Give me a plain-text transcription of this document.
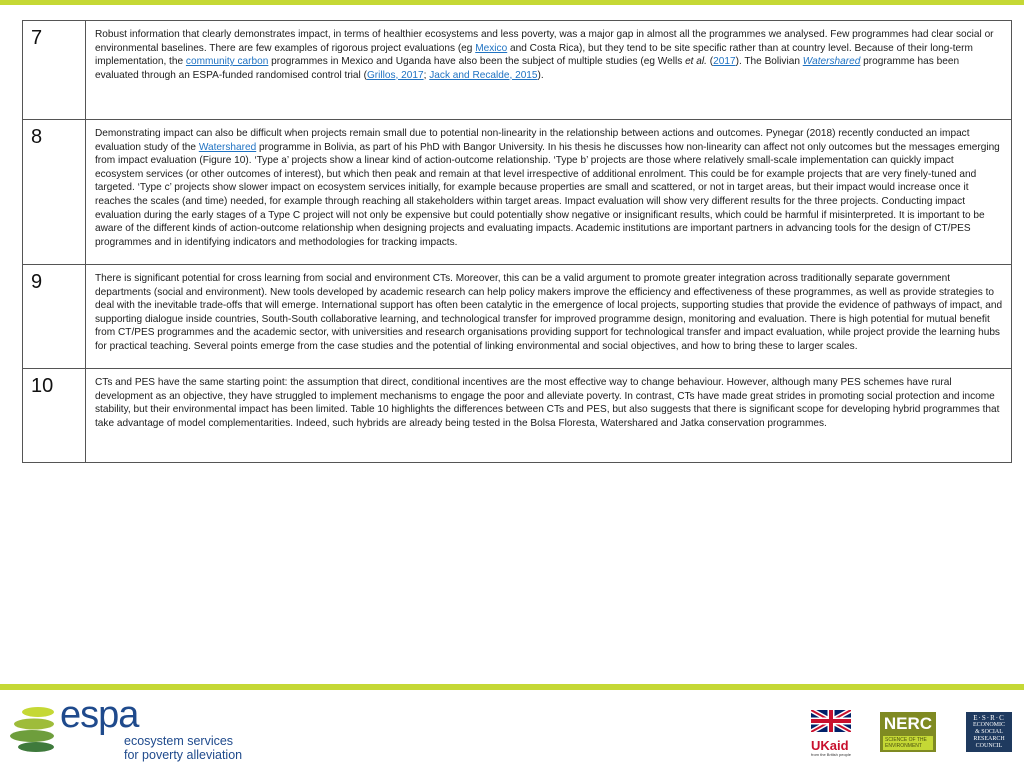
7	Robust information that clearly demonstrates impact, in terms of healthier ecosystems and less poverty, was a major gap in almost all the programmes we analysed. Few programmes had clear social or environmental baselines. There are few examples of rigorous project evaluations (eg Mexico and Costa Rica), but they tend to be site specific rather than at country level. Because of their long-term implementation, the community carbon programmes in Mexico and Uganda have also been the subject of multiple studies (eg Wells et al. (2017). The Bolivian Watershared programme has been evaluated through an ESPA-funded randomised control trial (Grillos, 2017; Jack and Recalde, 2015).
8	Demonstrating impact can also be difficult when projects remain small due to potential non-linearity in the relationship between actions and outcomes. Pynegar (2018) recently conducted an impact evaluation study of the Watershared programme in Bolivia, as part of his PhD with Bangor University. In his thesis he discusses how non-linearity can affect not only outcomes but the messages emerging from impact evaluation (Figure 10). ‘Type a’ projects show a linear kind of action-outcome relationship. ‘Type b’ projects are those where relatively small-scale implementation can quickly impact ecosystem services (or other outcomes of interest), but which then peak and remain at that level irrespective of additional enrolment. This could be for example projects that are very finely-tuned and targeted. ‘Type c’ projects show slower impact on ecosystem services initially, for example because properties are small and scattered, or not in target areas, but their impact would increase once it reaches the scales (and time) needed, for example through reaching all stakeholders within target areas. Impact evaluation will show very different results for the three projects. Conducting impact evaluation during the early stages of a Type C project will not only be expensive but could potentially show negative or insignificant results, which could be harmful if misinterpreted. It is important to be aware of the different kinds of action-outcome relationship when designing projects and evaluating impacts. Academic institutions are important partners in advancing tools for the design of CT/PES programmes and in identifying indicators and methodologies for tracking impacts.
9	There is significant potential for cross learning from social and environment CTs. Moreover, this can be a valid argument to promote greater integration across traditionally separate government departments (social and environment). New tools developed by academic research can help policy makers improve the efficiency and effectiveness of these programmes, as well as provide strategies to deal with the inevitable trade-offs that will emerge. International support has often been catalytic in the emergence of local projects, supporting studies that provide the evidence of pathways of impact, and supporting dialogue inside countries, South-South collaborative learning, and technological transfer for improved programme design, monitoring and evaluation. There is high potential for mutual benefit from CT/PES programmes and the academic sector, with universities and research organisations providing support for technological transfer and impact evaluation, while project provide the learning hubs for practical teaching. Several points emerge from the case studies and the potential of linking environmental and social objectives, and how to bring these to larger scales.
10	CTs and PES have the same starting point: the assumption that direct, conditional incentives are the most effective way to change behaviour. However, although many PES schemes have rural development as an objective, they have struggled to implement mechanisms to engage the poor and alleviate poverty. In contrast, CTs have made great strides in promoting social protection and income stability, but their environmental impact has been limited. Table 10 highlights the differences between CTs and PES, but also suggests that there is significant scope for developing hybrid programmes that take advantage of model complementarities. Indeed, such hybrids are already being tested in the Bolsa Floresta, Watershared and Jatka conservation programmes.
espa
ecosystem services
for poverty alleviation
UKaid
from the British people
NERC
SCIENCE OF THE ENVIRONMENT
E·S·R·C
ECONOMIC
& SOCIAL
RESEARCH
COUNCIL
